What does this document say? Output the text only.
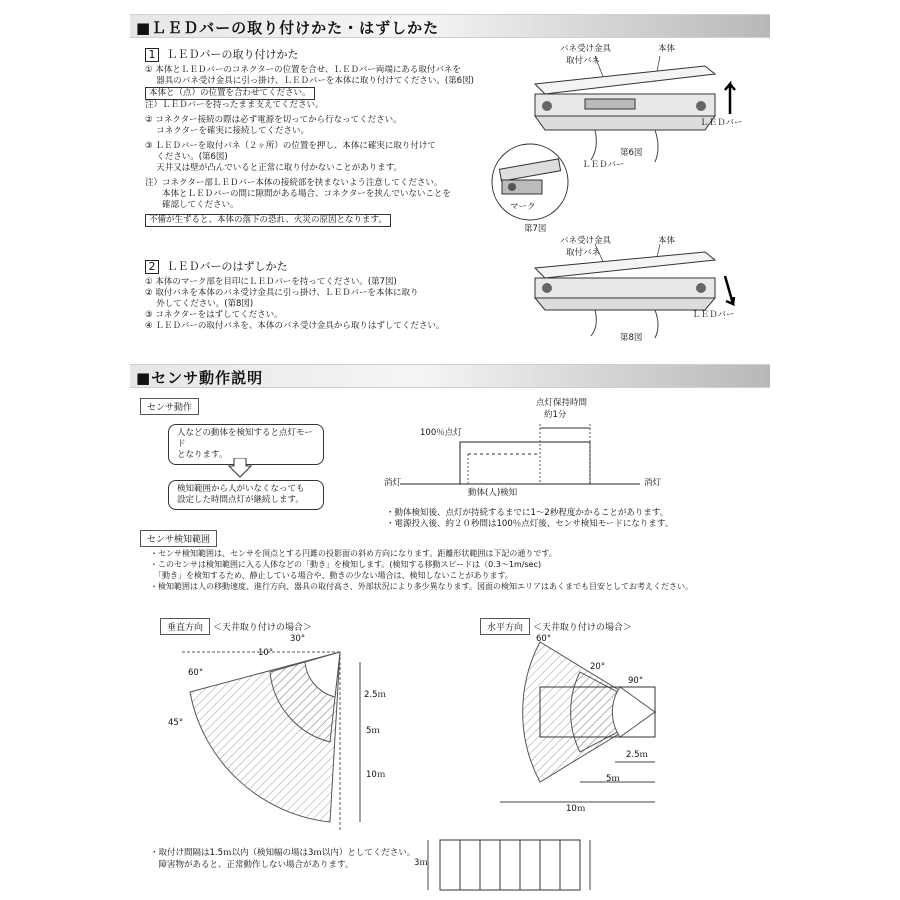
■ＬＥＤバーの取り付けかた・はずしかた
1 ＬＥＤバーの取り付けかた
① 本体とＬＥＤバーのコネクターの位置を合せ、ＬＥＤバー両端にある取付バネを
　 器具のバネ受け金具に引っ掛け、ＬＥＤバーを本体に取り付けてください。(第6図)
本体と（点）の位置を合わせてください。
注）ＬＥＤバーを持ったまま支えてください。
② コネクター接続の際は必ず電源を切ってから行なってください。
　 コネクターを確実に接続してください。
③ ＬＥＤバーを取付バネ（２ヶ所）の位置を押し、本体に確実に取り付けて
　 ください。(第6図)
　 天井又は壁が凸んでいると正常に取り付かないことがあります。
注）コネクター部ＬＥＤバー本体の接続部を挟まないよう注意してください。
　　本体とＬＥＤバーの間に隙間がある場合、コネクターを挟んでいないことを
　　確認してください。
不備が生ずると、本体の落下の恐れ、火災の原因となります。
2 ＬＥＤバーのはずしかた
① 本体のマーク部を目印にＬＥＤバーを持ってください。(第7図)
② 取付バネを本体のバネ受け金具に引っ掛け、ＬＥＤバーを本体に取り
　 外してください。(第8図)
③ コネクターをはずしてください。
④ ＬＥＤバーの取付バネを、本体のバネ受け金具から取りはずしてください。
バネ受け金具
取付バネ
本体
ＬＥＤバー
第6図
ＬＥＤバー
マーク
第7図
バネ受け金具
取付バネ
本体
ＬＥＤバー
第8図
■センサ動作説明
センサ動作
人などの動体を検知すると点灯モード
となります。
検知範囲から人がいなくなっても
設定した時間点灯が継続します。
点灯保持時間
約1分
100％点灯
消灯	消灯
動体(人)検知
・動体検知後、点灯が持続するまでに1～2秒程度かかることがあります。
・電源投入後、約２０秒間は100％点灯後、センサ検知モードになります。
センサ検知範囲
・センサ検知範囲は、センサを頂点とする円錐の投影面の斜め方向になります。距離形状範囲は下記の通りです。
・このセンサは検知範囲に入る人体などの「動き」を検知します。(検知する移動スピードは（0.3～1m/sec)
　「動き」を検知するため、静止している場合や、動きの少ない場合は、検知しないことがあります。
・検知範囲は人の移動速度、進行方向、器具の取付高さ、外部状況により多少異なります。図面の検知エリアはあくまでも目安としてお考えください。
垂直方向 ＜天井取り付けの場合＞
30°
10°
60°
45°
2.5ｍ
5ｍ
10ｍ
水平方向 ＜天井取り付けの場合＞
60°
20°
90°
2.5ｍ
5ｍ
10ｍ
・取付け間隔は1.5ｍ以内（検知幅の場は3ｍ以内）としてください。
　障害物があると、正常動作しない場合があります。	3ｍ
